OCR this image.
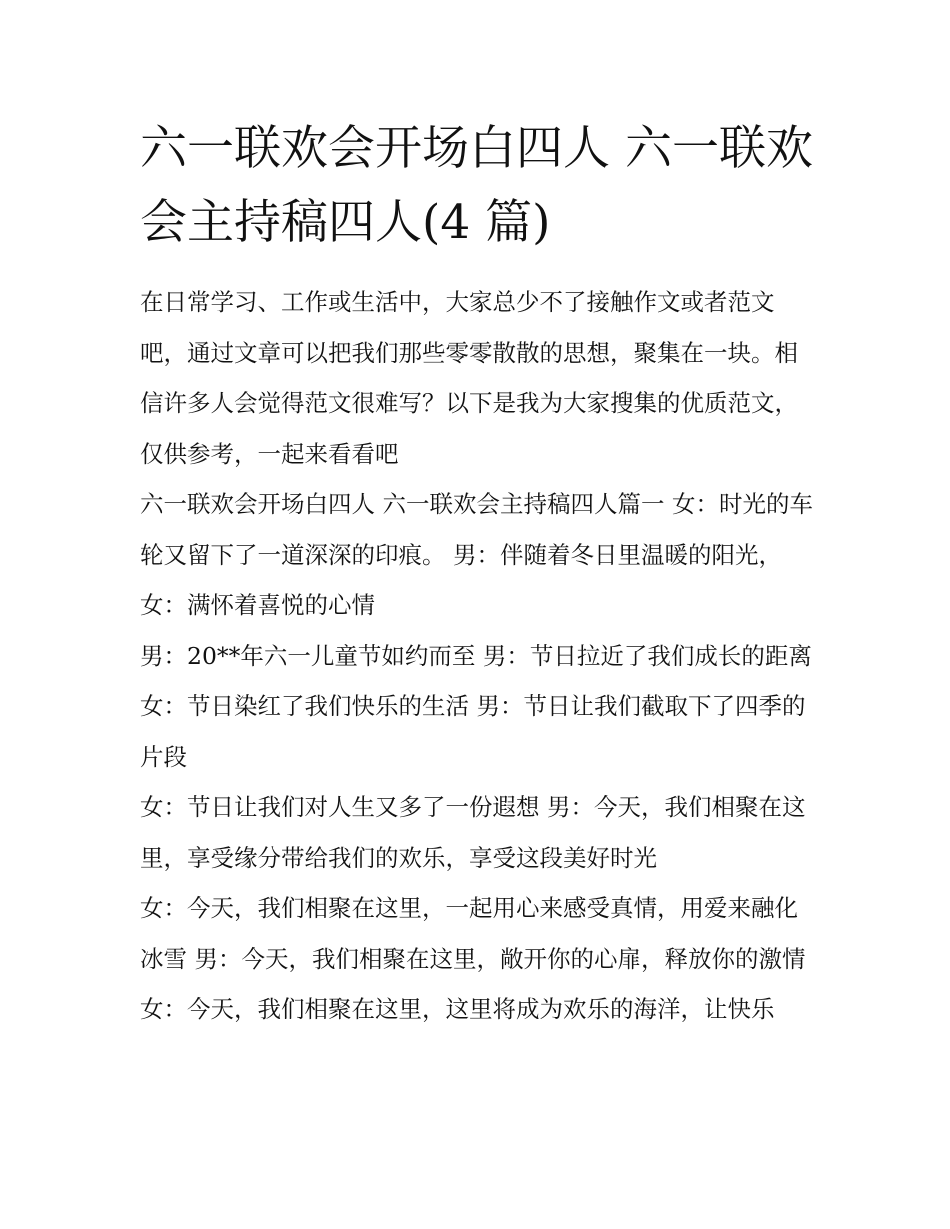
六一联欢会开场白四人 六一联欢会主持稿四人(4 篇)

在日常学习、工作或生活中，大家总少不了接触作文或者范文吧，通过文章可以把我们那些零零散散的思想，聚集在一块。相信许多人会觉得范文很难写？以下是我为大家搜集的优质范文，仅供参考，一起来看看吧

六一联欢会开场白四人 六一联欢会主持稿四人篇一 女：时光的车轮又留下了一道深深的印痕。 男：伴随着冬日里温暖的阳光， 女：满怀着喜悦的心情

男：20**年六一儿童节如约而至 男：节日拉近了我们成长的距离 女：节日染红了我们快乐的生活 男：节日让我们截取下了四季的片段

女：节日让我们对人生又多了一份遐想 男：今天，我们相聚在这里，享受缘分带给我们的欢乐，享受这段美好时光

女：今天，我们相聚在这里，一起用心来感受真情，用爱来融化冰雪 男：今天，我们相聚在这里，敞开你的心扉，释放你的激情

女：今天，我们相聚在这里，这里将成为欢乐的海洋，让快乐
